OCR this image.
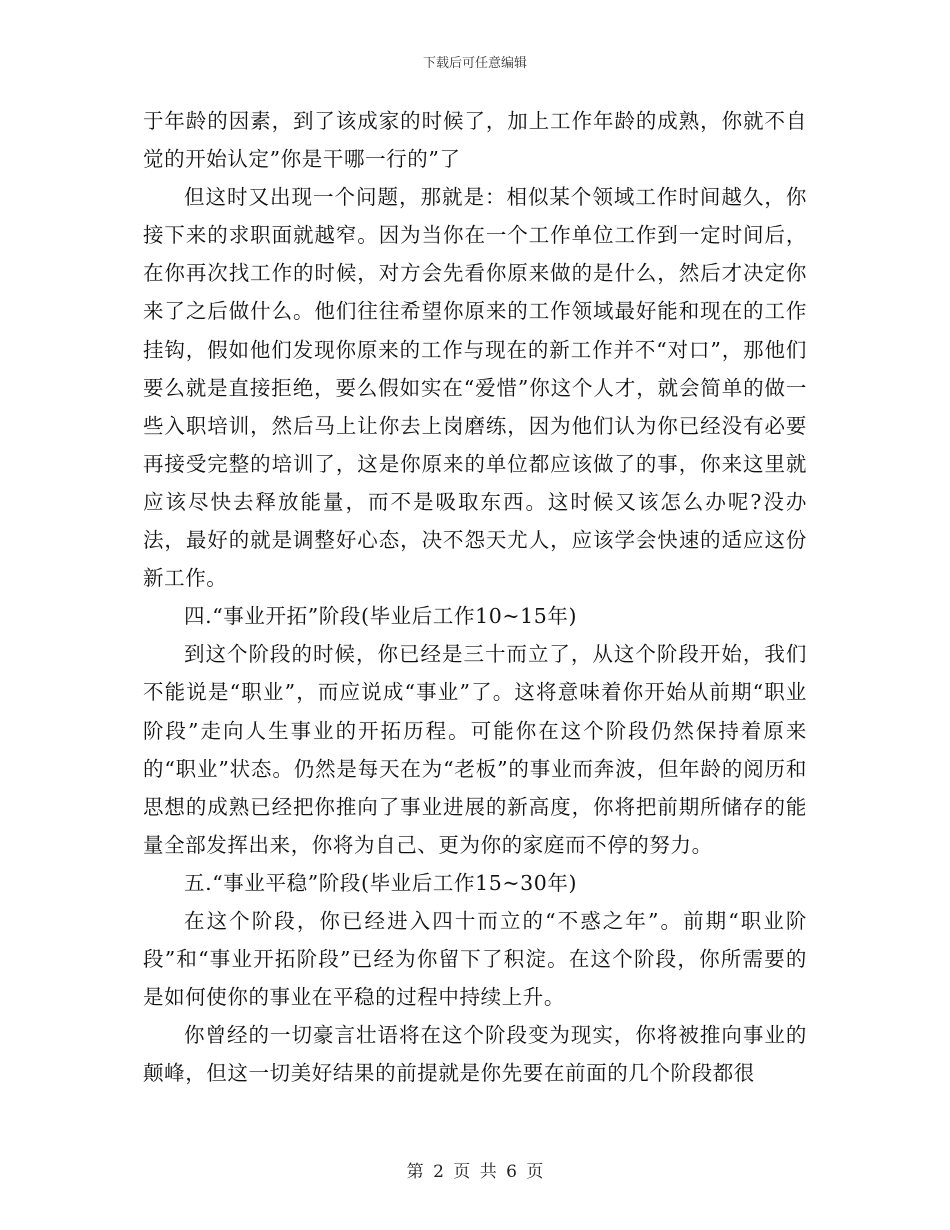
下载后可任意编辑

于年龄的因素，到了该成家的时候了，加上工作年龄的成熟，你就不自觉的开始认定”你是干哪一行的”了

但这时又出现一个问题，那就是：相似某个领域工作时间越久，你接下来的求职面就越窄。因为当你在一个工作单位工作到一定时间后，在你再次找工作的时候，对方会先看你原来做的是什么，然后才决定你来了之后做什么。他们往往希望你原来的工作领域最好能和现在的工作挂钩，假如他们发现你原来的工作与现在的新工作并不“对口”，那他们要么就是直接拒绝，要么假如实在“爱惜”你这个人才，就会简单的做一些入职培训，然后马上让你去上岗磨练，因为他们认为你已经没有必要再接受完整的培训了，这是你原来的单位都应该做了的事，你来这里就应该尽快去释放能量，而不是吸取东西。这时候又该怎么办呢?没办法，最好的就是调整好心态，决不怨天尤人，应该学会快速的适应这份新工作。

四.“事业开拓”阶段(毕业后工作10~15年)

到这个阶段的时候，你已经是三十而立了，从这个阶段开始，我们不能说是“职业”，而应说成“事业”了。这将意味着你开始从前期“职业阶段”走向人生事业的开拓历程。可能你在这个阶段仍然保持着原来的“职业”状态。仍然是每天在为“老板”的事业而奔波，但年龄的阅历和思想的成熟已经把你推向了事业进展的新高度，你将把前期所储存的能量全部发挥出来，你将为自己、更为你的家庭而不停的努力。

五.“事业平稳”阶段(毕业后工作15~30年)

在这个阶段，你已经进入四十而立的“不惑之年”。前期“职业阶段”和“事业开拓阶段”已经为你留下了积淀。在这个阶段，你所需要的是如何使你的事业在平稳的过程中持续上升。

你曾经的一切豪言壮语将在这个阶段变为现实，你将被推向事业的颠峰，但这一切美好结果的前提就是你先要在前面的几个阶段都很

第 2 页 共 6 页
